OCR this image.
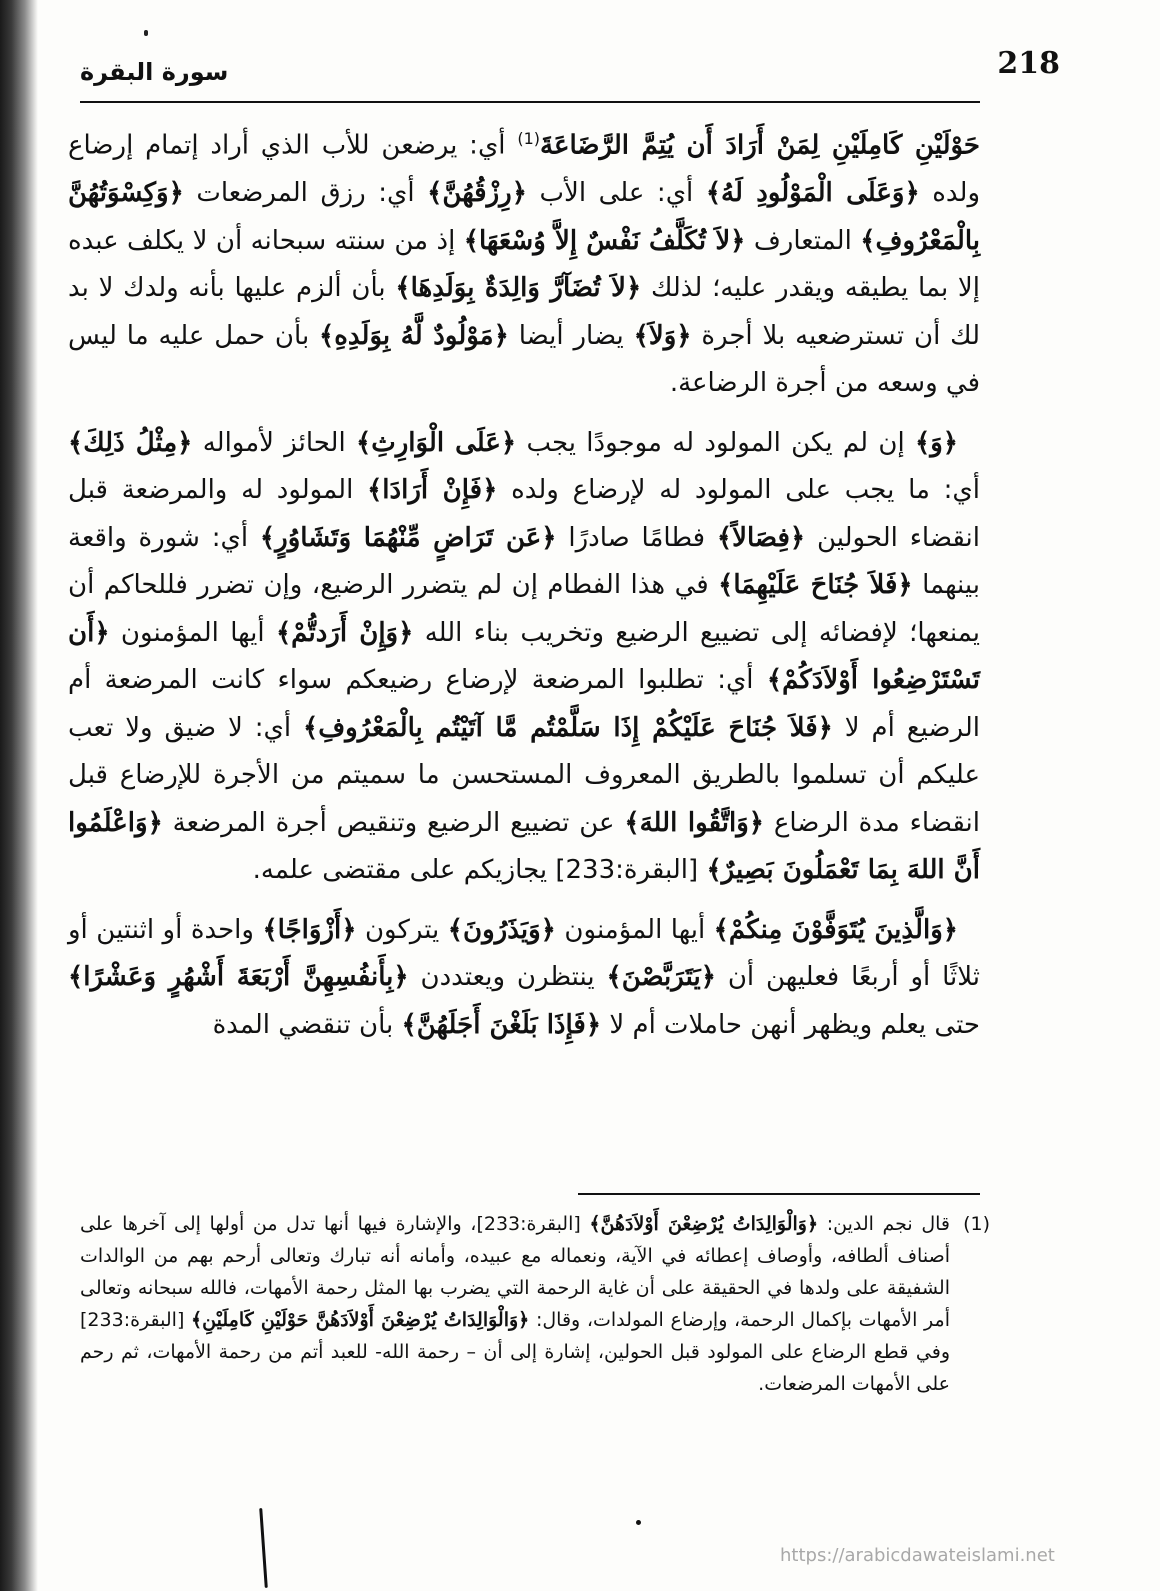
218
سورة البقرة

حَوْلَيْنِ كَامِلَيْنِ لِمَنْ أَرَادَ أَن يُتِمَّ الرَّضَاعَةَ$^{(1)}$ أي: يرضعن للأب الذي أراد إتمام إرضاع ولده ﴿وَعَلَى الْمَوْلُودِ لَهُ﴾ أي: على الأب ﴿رِزْقُهُنَّ﴾ أي: رزق المرضعات ﴿وَكِسْوَتُهُنَّ بِالْمَعْرُوفِ﴾ المتعارف ﴿لاَ تُكَلَّفُ نَفْسٌ إِلاَّ وُسْعَهَا﴾ إذ من سنته سبحانه أن لا يكلف عبده إلا بما يطيقه ويقدر عليه؛ لذلك ﴿لاَ تُضَآرَّ وَالِدَةٌ بِوَلَدِهَا﴾ بأن ألزم عليها بأنه ولدك لا بد لك أن تسترضعيه بلا أجرة ﴿وَلاَ﴾ يضار أيضا ﴿مَوْلُودٌ لَّهُ بِوَلَدِهِ﴾ بأن حمل عليه ما ليس في وسعه من أجرة الرضاعة.

﴿وَ﴾ إن لم يكن المولود له موجودًا يجب ﴿عَلَى الْوَارِثِ﴾ الحائز لأمواله ﴿مِثْلُ ذَلِكَ﴾ أي: ما يجب على المولود له لإرضاع ولده ﴿فَإِنْ أَرَادَا﴾ المولود له والمرضعة قبل انقضاء الحولين ﴿فِصَالاً﴾ فطامًا صادرًا ﴿عَن تَرَاضٍ مِّنْهُمَا وَتَشَاوُرٍ﴾ أي: شورة واقعة بينهما ﴿فَلاَ جُنَاحَ عَلَيْهِمَا﴾ في هذا الفطام إن لم يتضرر الرضيع، وإن تضرر فللحاكم أن يمنعها؛ لإفضائه إلى تضييع الرضيع وتخريب بناء الله ﴿وَإِنْ أَرَدتُّمْ﴾ أيها المؤمنون ﴿أَن تَسْتَرْضِعُوا أَوْلاَدَكُمْ﴾ أي: تطلبوا المرضعة لإرضاع رضيعكم سواء كانت المرضعة أم الرضيع أم لا ﴿فَلاَ جُنَاحَ عَلَيْكُمْ إِذَا سَلَّمْتُم مَّا آتَيْتُم بِالْمَعْرُوفِ﴾ أي: لا ضيق ولا تعب عليكم أن تسلموا بالطريق المعروف المستحسن ما سميتم من الأجرة للإرضاع قبل انقضاء مدة الرضاع ﴿وَاتَّقُوا اللهَ﴾ عن تضييع الرضيع وتنقيص أجرة المرضعة ﴿وَاعْلَمُوا أَنَّ اللهَ بِمَا تَعْمَلُونَ بَصِيرٌ﴾ [البقرة:233] يجازيكم على مقتضى علمه.

﴿وَالَّذِينَ يُتَوَفَّوْنَ مِنكُمْ﴾ أيها المؤمنون ﴿وَيَذَرُونَ﴾ يتركون ﴿أَزْوَاجًا﴾ واحدة أو اثنتين أو ثلاثًا أو أربعًا فعليهن أن ﴿يَتَرَبَّصْنَ﴾ ينتظرن ويعتددن ﴿بِأَنفُسِهِنَّ أَرْبَعَةَ أَشْهُرٍ وَعَشْرًا﴾ حتى يعلم ويظهر أنهن حاملات أم لا ﴿فَإِذَا بَلَغْنَ أَجَلَهُنَّ﴾ بأن تنقضي المدة

(1)قال نجم الدين: ﴿وَالْوَالِدَاتُ يُرْضِعْنَ أَوْلاَدَهُنَّ﴾ [البقرة:233]، والإشارة فيها أنها تدل من أولها إلى آخرها على أصناف ألطافه، وأوصاف إعطائه في الآية، ونعماله مع عبيده، وأمانه أنه تبارك وتعالى أرحم بهم من الوالدات الشفيقة على ولدها في الحقيقة على أن غاية الرحمة التي يضرب بها المثل رحمة الأمهات، فالله سبحانه وتعالى أمر الأمهات بإكمال الرحمة، وإرضاع المولدات، وقال: ﴿وَالْوَالِدَاتُ يُرْضِعْنَ أَوْلاَدَهُنَّ حَوْلَيْنِ كَامِلَيْنِ﴾ [البقرة:233] وفي قطع الرضاع على المولود قبل الحولين، إشارة إلى أن – رحمة الله- للعبد أتم من رحمة الأمهات، ثم رحم على الأمهات المرضعات.

https://arabicdawateislami.net
